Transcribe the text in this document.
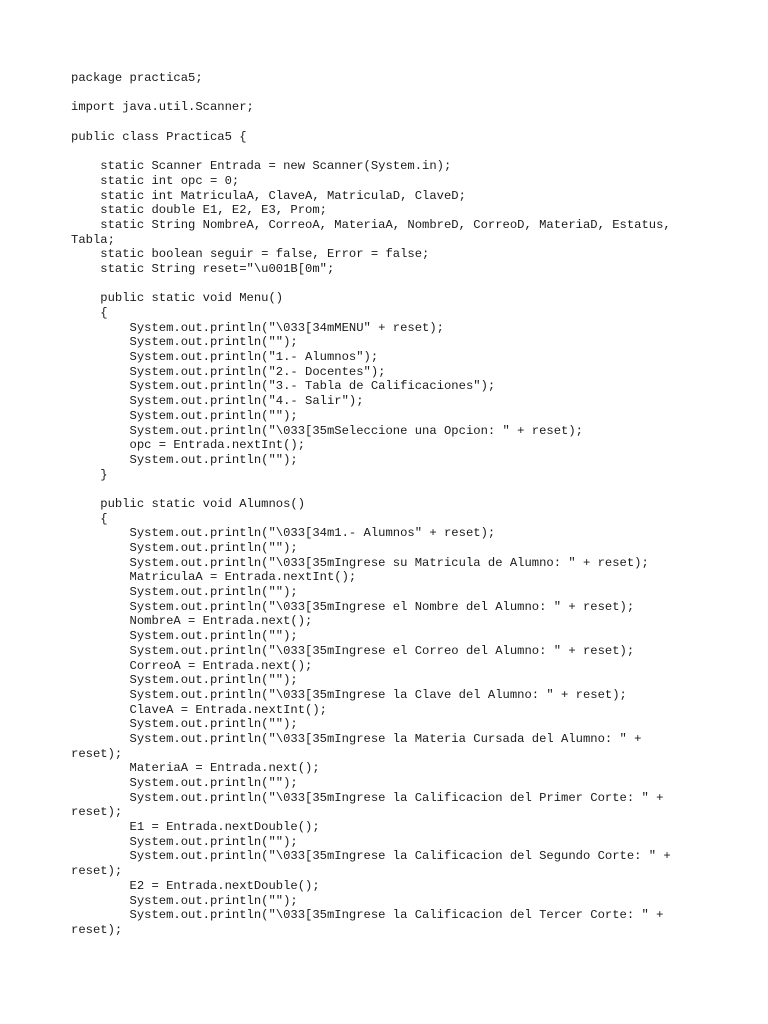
package practica5;
import java.util.Scanner;
public class Practica5 {
static Scanner Entrada = new Scanner(System.in);
static int opc = 0;
static int MatriculaA, ClaveA, MatriculaD, ClaveD;
static double E1, E2, E3, Prom;
static String NombreA, CorreoA, MateriaA, NombreD, CorreoD, MateriaD, Estatus,
Tabla;
static boolean seguir = false, Error = false;
static String reset="\u001B[0m";
public static void Menu()
{
System.out.println("\033[34mMENU" + reset);
System.out.println("");
System.out.println("1.- Alumnos");
System.out.println("2.- Docentes");
System.out.println("3.- Tabla de Calificaciones");
System.out.println("4.- Salir");
System.out.println("");
System.out.println("\033[35mSeleccione una Opcion: " + reset);
opc = Entrada.nextInt();
System.out.println("");
}
public static void Alumnos()
{
System.out.println("\033[34m1.- Alumnos" + reset);
System.out.println("");
System.out.println("\033[35mIngrese su Matricula de Alumno: " + reset);
MatriculaA = Entrada.nextInt();
System.out.println("");
System.out.println("\033[35mIngrese el Nombre del Alumno: " + reset);
NombreA = Entrada.next();
System.out.println("");
System.out.println("\033[35mIngrese el Correo del Alumno: " + reset);
CorreoA = Entrada.next();
System.out.println("");
System.out.println("\033[35mIngrese la Clave del Alumno: " + reset);
ClaveA = Entrada.nextInt();
System.out.println("");
System.out.println("\033[35mIngrese la Materia Cursada del Alumno: " +
reset);
MateriaA = Entrada.next();
System.out.println("");
System.out.println("\033[35mIngrese la Calificacion del Primer Corte: " +
reset);
E1 = Entrada.nextDouble();
System.out.println("");
System.out.println("\033[35mIngrese la Calificacion del Segundo Corte: " +
reset);
E2 = Entrada.nextDouble();
System.out.println("");
System.out.println("\033[35mIngrese la Calificacion del Tercer Corte: " +
reset);
